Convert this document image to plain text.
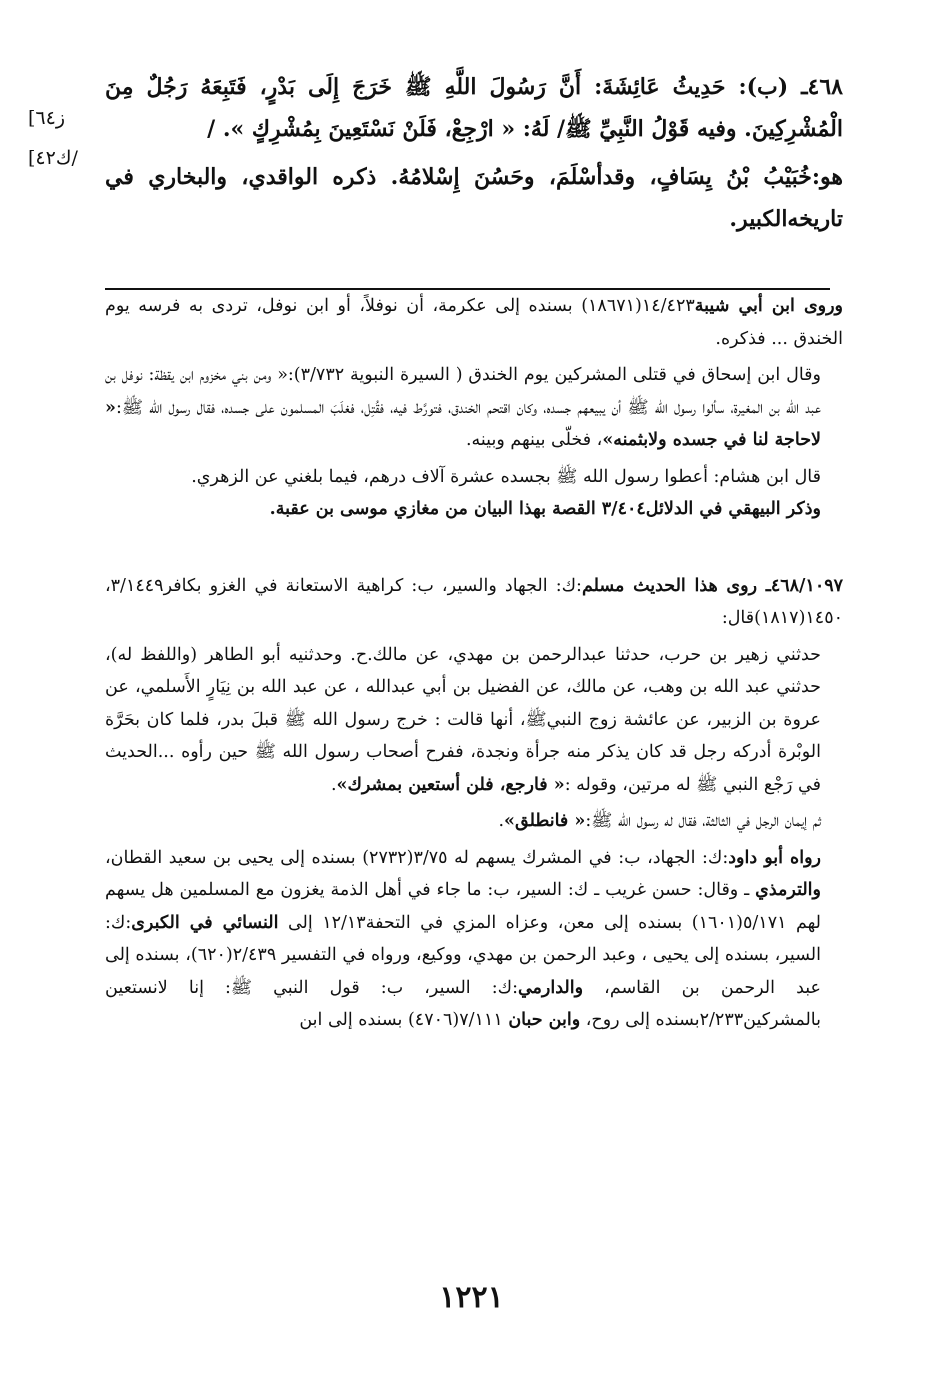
[ز٦٤
[ك٤٢/

٤٦٨ـ (ب): حَدِيثُ عَائِشَةَ: أَنَّ رَسُولَ اللَّهِ ﷺ خَرَجَ إِلَى بَدْرٍ، فَتَبِعَهُ رَجُلٌ مِنَ الْمُشْرِكِينَ. وفيه قَوْلُ النَّبِيِّ ﷺ/ لَهُ: « ارْجِعْ، فَلَنْ نَسْتَعِينَ بِمُشْرِكٍ ». /

هو:خُبَيْبُ بْنُ يِسَافٍ، وقدأسْلَمَ، وحَسُنَ إِسْلامُهُ. ذكره الواقدي، والبخاري في تاريخه‌الكبير.

وروى ابن أبي شيبة١٤/٤٢٣(١٨٦٧١) بسنده إلى عكرمة، أن نوفلاً، أو ابن نوفل، تردى به فرسه يوم الخندق ... فذكره.

وقال ابن إسحاق في قتلى المشركين يوم الخندق ( السيرة النبوية ٣/٧٣٢):« ومن بني مخزوم ابن يقظة: نوفل بن عبد الله بن المغيرة، سألوا رسول الله ﷺ أن يبيعهم جسده، وكان اقتحم الخندق، فتورَّط فيه، فقُتِل، فغلَبَ المسلمون على جسده، فقال رسول الله ﷺ:« لاحاجة لنا في جسده ولابثمنه»، فخلّى بينهم وبينه.

قال ابن هشام: أعطوا رسول الله ﷺ بجسده عشرة آلاف درهم، فيما بلغني عن الزهري.

وذكر البيهقي في الدلائل٣/٤٠٤ القصة بهذا البيان من مغازي موسى بن عقبة.

٤٦٨/١٠٩٧ـ روى هذا الحديث مسلم:ك: الجهاد والسير، ب: كراهية الاستعانة في الغزو بكافر٣/١٤٤٩، ١٤٥٠(١٨١٧)قال:

حدثني زهير بن حرب، حدثنا عبدالرحمن بن مهدي، عن مالك.ح. وحدثنيه أبو الطاهر (واللفظ له)، حدثني عبد الله بن وهب، عن مالك، عن الفضيل بن أبي عبدالله ، عن عبد الله بن نِيَارٍ الأَسلمي، عن عروة بن الزبير، عن عائشة زوج النبيﷺ، أنها قالت : خرج رسول الله ﷺ قبلَ بدر، فلما كان بحَرَّة الوبْرة أدركه رجل قد كان يذكر منه جرأة ونجدة، ففرح أصحاب رسول الله ﷺ حين رأوه ...الحديث في رَجْع النبي ﷺ له مرتين، وقوله :« فارجع، فلن أستعين بمشرك».

ثم إيمان الرجل في الثالثة، فقال له رسول الله ﷺ:« فانطلق».

رواه أبو داود:ك: الجهاد، ب: في المشرك يسهم له ٣/٧٥(٢٧٣٢) بسنده إلى يحيى بن سعيد القطان، والترمذي ـ وقال: حسن غريب ـ ك: السير، ب: ما جاء في أهل الذمة يغزون مع المسلمين هل يسهم لهم ٥/١٧١(١٦٠١) بسنده إلى معن، وعزاه المزي في التحفة١٢/١٣ إلى النسائي في الكبرى:ك: السير، بسنده إلى يحيى ، وعبد الرحمن بن مهدي، ووكيع، ورواه في التفسير ٢/٤٣٩(٦٢٠)، بسنده إلى عبد الرحمن بن القاسم، والدارمي:ك: السير، ب: قول النبي ﷺ: إنا لانستعين بالمشركين٢/٢٣٣بسنده إلى روح، وابن حبان ٧/١١١(٤٧٠٦) بسنده إلى ابن

١٢٢١
